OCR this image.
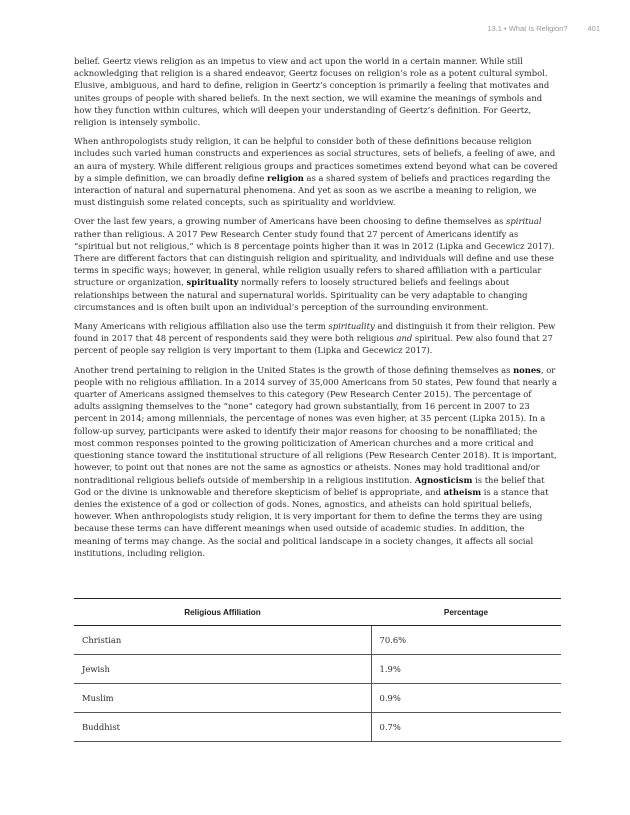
13.1 • What Is Religion?	401

belief. Geertz views religion as an impetus to view and act upon the world in a certain manner. While still acknowledging that religion is a shared endeavor, Geertz focuses on religion’s role as a potent cultural symbol. Elusive, ambiguous, and hard to define, religion in Geertz’s conception is primarily a feeling that motivates and unites groups of people with shared beliefs. In the next section, we will examine the meanings of symbols and how they function within cultures, which will deepen your understanding of Geertz’s definition. For Geertz, religion is intensely symbolic.

When anthropologists study religion, it can be helpful to consider both of these definitions because religion includes such varied human constructs and experiences as social structures, sets of beliefs, a feeling of awe, and an aura of mystery. While different religious groups and practices sometimes extend beyond what can be covered by a simple definition, we can broadly define religion as a shared system of beliefs and practices regarding the interaction of natural and supernatural phenomena. And yet as soon as we ascribe a meaning to religion, we must distinguish some related concepts, such as spirituality and worldview.

Over the last few years, a growing number of Americans have been choosing to define themselves as spiritual rather than religious. A 2017 Pew Research Center study found that 27 percent of Americans identify as “spiritual but not religious,” which is 8 percentage points higher than it was in 2012 (Lipka and Gecewicz 2017). There are different factors that can distinguish religion and spirituality, and individuals will define and use these terms in specific ways; however, in general, while religion usually refers to shared affiliation with a particular structure or organization, spirituality normally refers to loosely structured beliefs and feelings about relationships between the natural and supernatural worlds. Spirituality can be very adaptable to changing circumstances and is often built upon an individual’s perception of the surrounding environment.

Many Americans with religious affiliation also use the term spirituality and distinguish it from their religion. Pew found in 2017 that 48 percent of respondents said they were both religious and spiritual. Pew also found that 27 percent of people say religion is very important to them (Lipka and Gecewicz 2017).

Another trend pertaining to religion in the United States is the growth of those defining themselves as nones, or people with no religious affiliation. In a 2014 survey of 35,000 Americans from 50 states, Pew found that nearly a quarter of Americans assigned themselves to this category (Pew Research Center 2015). The percentage of adults assigning themselves to the “none” category had grown substantially, from 16 percent in 2007 to 23 percent in 2014; among millennials, the percentage of nones was even higher, at 35 percent (Lipka 2015). In a follow-up survey, participants were asked to identify their major reasons for choosing to be nonaffiliated; the most common responses pointed to the growing politicization of American churches and a more critical and questioning stance toward the institutional structure of all religions (Pew Research Center 2018). It is important, however, to point out that nones are not the same as agnostics or atheists. Nones may hold traditional and/or nontraditional religious beliefs outside of membership in a religious institution. Agnosticism is the belief that God or the divine is unknowable and therefore skepticism of belief is appropriate, and atheism is a stance that denies the existence of a god or collection of gods. Nones, agnostics, and atheists can hold spiritual beliefs, however. When anthropologists study religion, it is very important for them to define the terms they are using because these terms can have different meanings when used outside of academic studies. In addition, the meaning of terms may change. As the social and political landscape in a society changes, it affects all social institutions, including religion.

Religious Affiliation	Percentage
Christian	70.6%
Jewish	1.9%
Muslim	0.9%
Buddhist	0.7%
